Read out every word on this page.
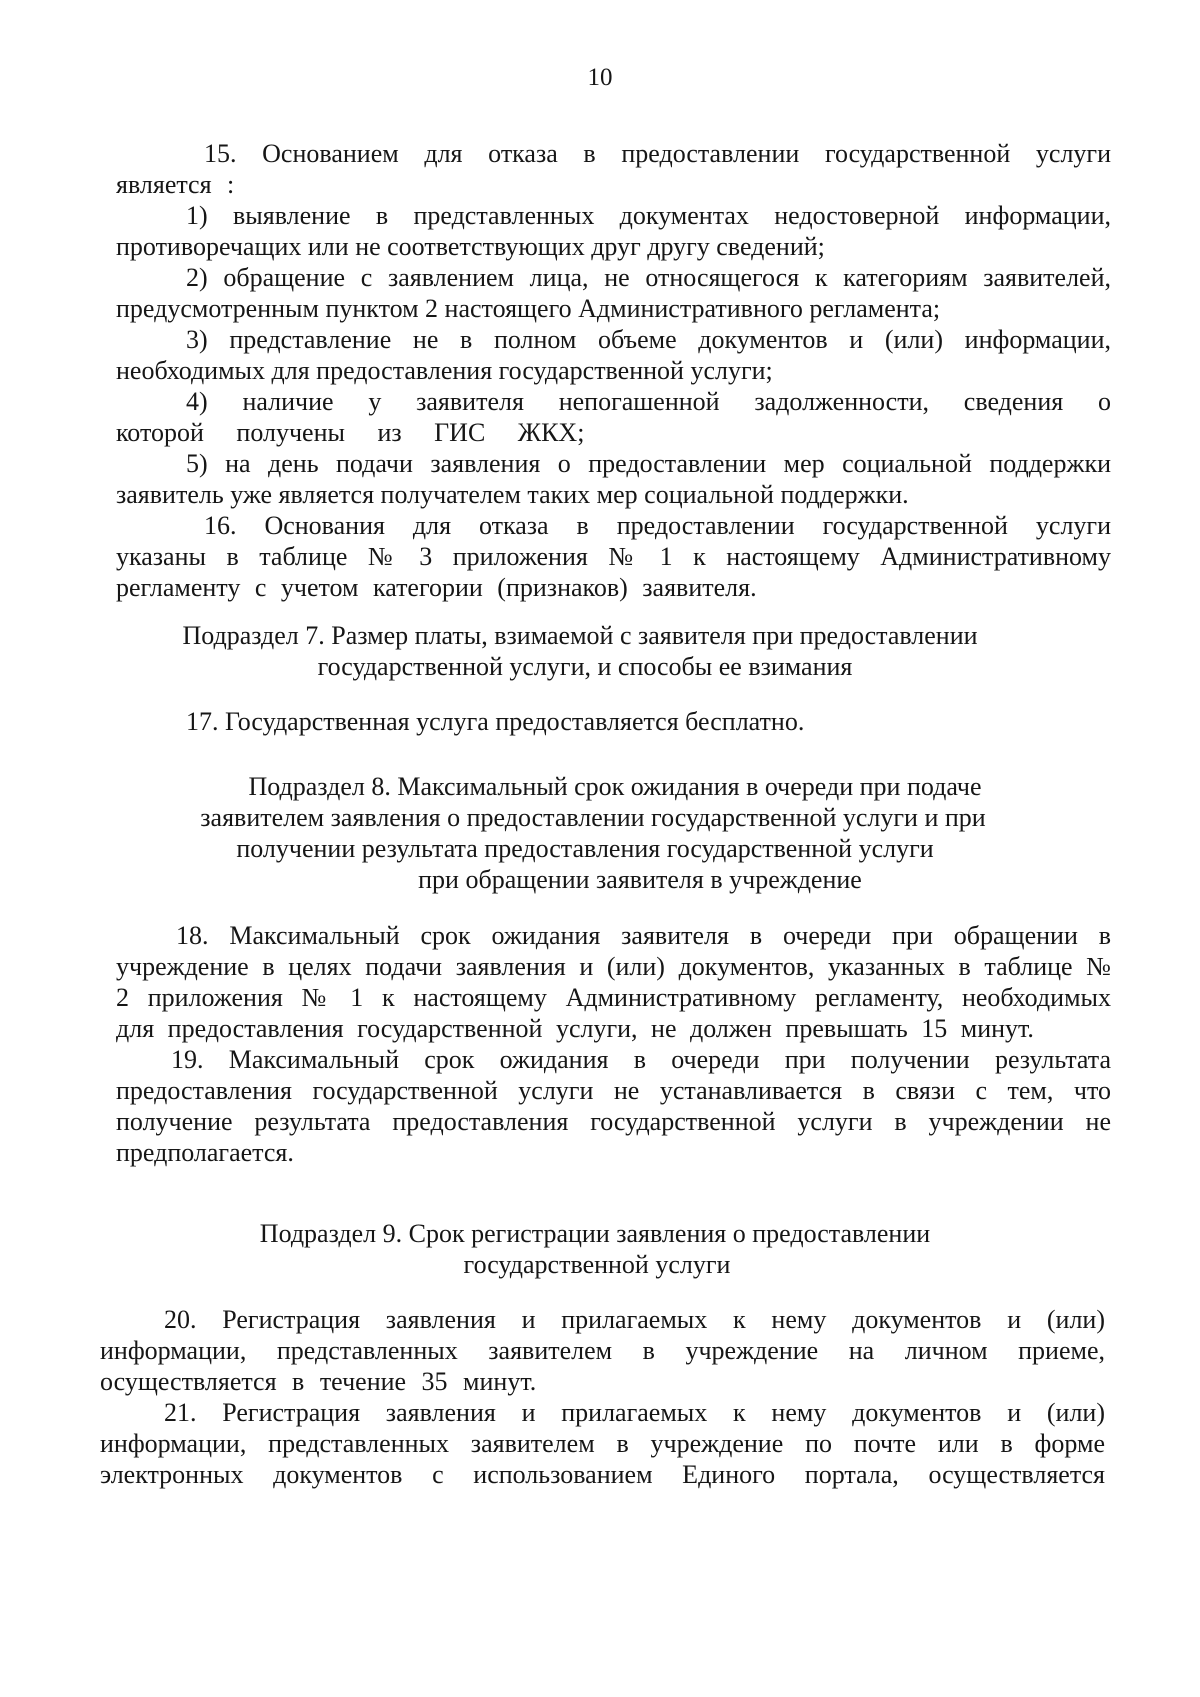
10
15. Основанием для отказа в предоставлении государственной услуги является :
1) выявление в представленных документах недостоверной информации, противоречащих или не соответствующих друг другу сведений;
2) обращение с заявлением лица, не относящегося к категориям заявителей, предусмотренным пунктом 2 настоящего Административного регламента;
3) представление не в полном объеме документов и (или) информации, необходимых для предоставления государственной услуги;
4) наличие у заявителя непогашенной задолженности, сведения о которой получены из ГИС ЖКХ;
5) на день подачи заявления о предоставлении мер социальной поддержки заявитель уже является получателем таких мер социальной поддержки.
16. Основания для отказа в предоставлении государственной услуги указаны в таблице № 3 приложения № 1 к настоящему Административному регламенту с учетом категории (признаков) заявителя.
Подраздел 7. Размер платы, взимаемой с заявителя при предоставлении
государственной услуги, и способы ее взимания
17. Государственная услуга предоставляется бесплатно.
Подраздел 8. Максимальный срок ожидания в очереди при подаче
заявителем заявления о предоставлении государственной услуги и при
получении результата предоставления государственной услуги
при обращении заявителя в учреждение
18. Максимальный срок ожидания заявителя в очереди при обращении в учреждение в целях подачи заявления и (или) документов, указанных в таблице № 2 приложения № 1 к настоящему Административному регламенту, необходимых для предоставления государственной услуги, не должен превышать 15 минут.
19. Максимальный срок ожидания в очереди при получении результата предоставления государственной услуги не устанавливается в связи с тем, что получение результата предоставления государственной услуги в учреждении не предполагается.
Подраздел 9. Срок регистрации заявления о предоставлении
государственной услуги
20. Регистрация заявления и прилагаемых к нему документов и (или) информации, представленных заявителем в учреждение на личном приеме, осуществляется в течение 35 минут.
21. Регистрация заявления и прилагаемых к нему документов и (или) информации, представленных заявителем в учреждение по почте или в форме электронных документов с использованием Единого портала, осуществляется
